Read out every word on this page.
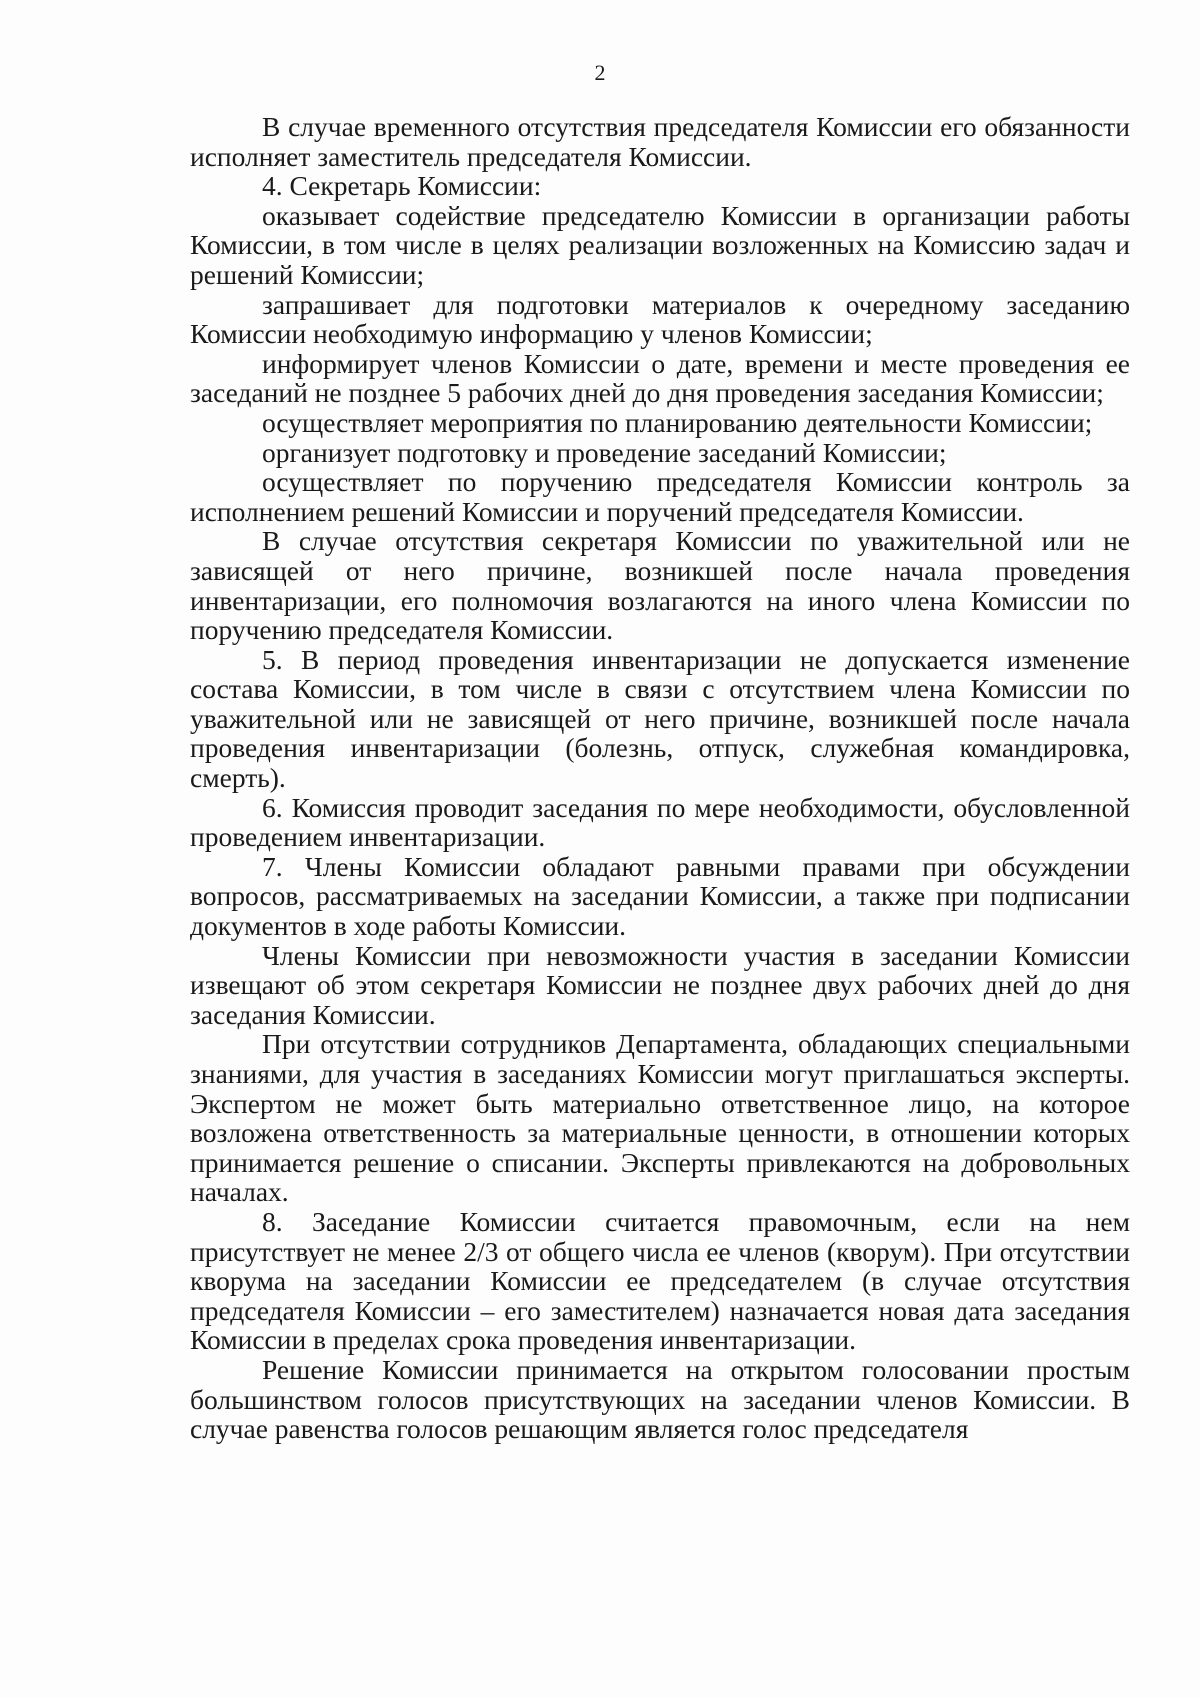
2

В случае временного отсутствия председателя Комиссии его обязанности исполняет заместитель председателя Комиссии.

4. Секретарь Комиссии:

оказывает содействие председателю Комиссии в организации работы Комиссии, в том числе в целях реализации возложенных на Комиссию задач и решений Комиссии;

запрашивает для подготовки материалов к очередному заседанию Комиссии необходимую информацию у членов Комиссии;

информирует членов Комиссии о дате, времени и месте проведения ее заседаний не позднее 5 рабочих дней до дня проведения заседания Комиссии;

осуществляет мероприятия по планированию деятельности Комиссии;

организует подготовку и проведение заседаний Комиссии;

осуществляет по поручению председателя Комиссии контроль за исполнением решений Комиссии и поручений председателя Комиссии.

В случае отсутствия секретаря Комиссии по уважительной или не зависящей от него причине, возникшей после начала проведения инвентаризации, его полномочия возлагаются на иного члена Комиссии по поручению председателя Комиссии.

5. В период проведения инвентаризации не допускается изменение состава Комиссии, в том числе в связи с отсутствием члена Комиссии по уважительной или не зависящей от него причине, возникшей после начала проведения инвентаризации (болезнь, отпуск, служебная командировка, смерть).

6. Комиссия проводит заседания по мере необходимости, обусловленной проведением инвентаризации.

7. Члены Комиссии обладают равными правами при обсуждении вопросов, рассматриваемых на заседании Комиссии, а также при подписании документов в ходе работы Комиссии.

Члены Комиссии при невозможности участия в заседании Комиссии извещают об этом секретаря Комиссии не позднее двух рабочих дней до дня заседания Комиссии.

При отсутствии сотрудников Департамента, обладающих специальными знаниями, для участия в заседаниях Комиссии могут приглашаться эксперты. Экспертом не может быть материально ответственное лицо, на которое возложена ответственность за материальные ценности, в отношении которых принимается решение о списании. Эксперты привлекаются на добровольных началах.

8. Заседание Комиссии считается правомочным, если на нем присутствует не менее 2/3 от общего числа ее членов (кворум). При отсутствии кворума на заседании Комиссии ее председателем (в случае отсутствия председателя Комиссии – его заместителем) назначается новая дата заседания Комиссии в пределах срока проведения инвентаризации.

Решение Комиссии принимается на открытом голосовании простым большинством голосов присутствующих на заседании членов Комиссии. В случае равенства голосов решающим является голос председателя
